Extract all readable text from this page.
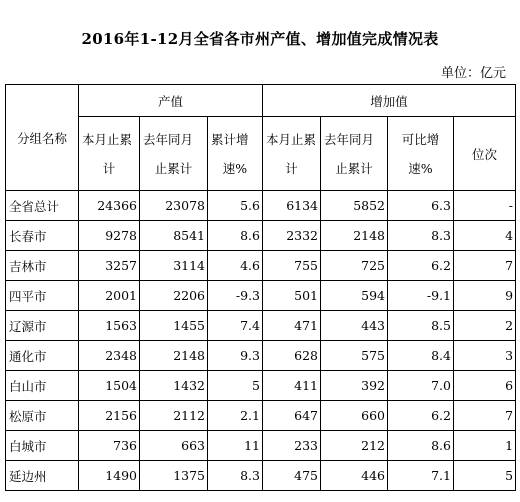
2016年1-12月全省各市州产值、增加值完成情况表
单位：亿元
分组名称	产值			增加值			
	本月止累	去年同月	累计增	本月止累	去年同月	可比增	位次
	计	止累计	速%	计	止累计	速%	
全省总计	24366	23078	5.6	6134	5852	6.3	-
长春市	9278	8541	8.6	2332	2148	8.3	4
吉林市	3257	3114	4.6	755	725	6.2	7
四平市	2001	2206	-9.3	501	594	-9.1	9
辽源市	1563	1455	7.4	471	443	8.5	2
通化市	2348	2148	9.3	628	575	8.4	3
白山市	1504	1432	5	411	392	7.0	6
松原市	2156	2112	2.1	647	660	6.2	7
白城市	736	663	11	233	212	8.6	1
延边州	1490	1375	8.3	475	446	7.1	5
